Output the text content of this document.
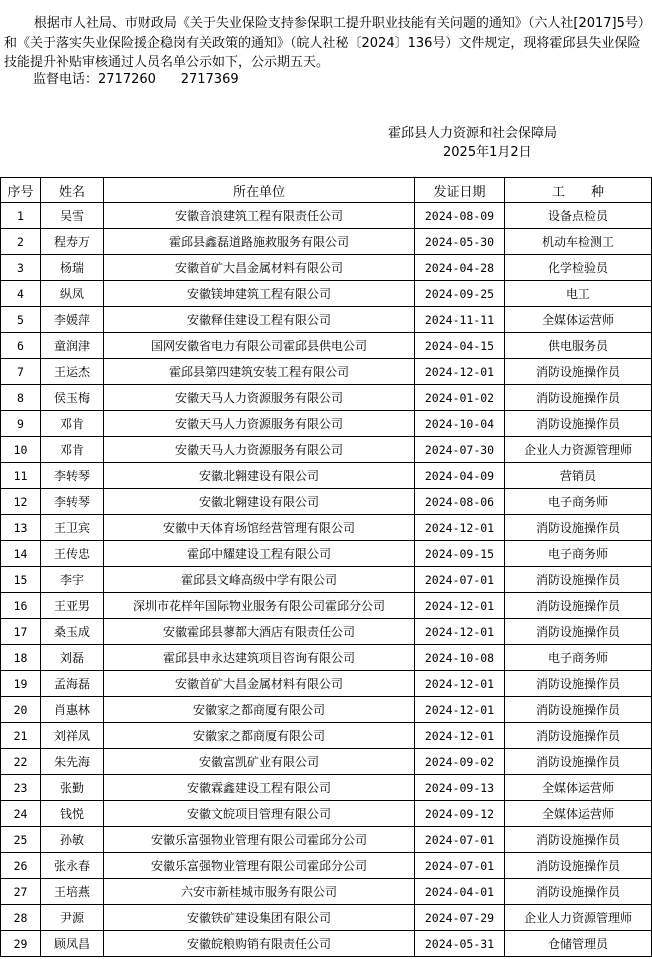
根据市人社局、市财政局《关于失业保险支持参保职工提升职业技能有关问题的通知》（六人社[2017]5号）和《关于落实失业保险援企稳岗有关政策的通知》（皖人社秘〔2024〕136号）文件规定，现将霍邱县失业保险技能提升补贴审核通过人员名单公示如下，公示期五天。

监督电话：2717260 2717369
霍邱县人力资源和社会保障局
2025年1月2日
序号	姓名	所在单位	发证日期	工　　种
1	吴雪	安徽音浪建筑工程有限责任公司	2024-08-09	设备点检员
2	程寿万	霍邱县鑫磊道路施救服务有限公司	2024-05-30	机动车检测工
3	杨瑞	安徽首矿大昌金属材料有限公司	2024-04-28	化学检验员
4	纵凤	安徽镁坤建筑工程有限公司	2024-09-25	电工
5	李媛萍	安徽释佳建设工程有限公司	2024-11-11	全媒体运营师
6	童润津	国网安徽省电力有限公司霍邱县供电公司	2024-04-15	供电服务员
7	王运杰	霍邱县第四建筑安装工程有限公司	2024-12-01	消防设施操作员
8	侯玉梅	安徽天马人力资源服务有限公司	2024-01-02	消防设施操作员
9	邓肯	安徽天马人力资源服务有限公司	2024-10-04	消防设施操作员
10	邓肯	安徽天马人力资源服务有限公司	2024-07-30	企业人力资源管理师
11	李转琴	安徽北翱建设有限公司	2024-04-09	营销员
12	李转琴	安徽北翱建设有限公司	2024-08-06	电子商务师
13	王卫宾	安徽中天体育场馆经营管理有限公司	2024-12-01	消防设施操作员
14	王传忠	霍邱中耀建设工程有限公司	2024-09-15	电子商务师
15	李宇	霍邱县文峰高级中学有限公司	2024-07-01	消防设施操作员
16	王亚男	深圳市花样年国际物业服务有限公司霍邱分公司	2024-12-01	消防设施操作员
17	桑玉成	安徽霍邱县蓼都大酒店有限责任公司	2024-12-01	消防设施操作员
18	刘磊	霍邱县申永达建筑项目咨询有限公司	2024-10-08	电子商务师
19	孟海磊	安徽首矿大昌金属材料有限公司	2024-12-01	消防设施操作员
20	肖惠林	安徽家之都商厦有限公司	2024-12-01	消防设施操作员
21	刘祥凤	安徽家之都商厦有限公司	2024-12-01	消防设施操作员
22	朱先海	安徽富凯矿业有限公司	2024-09-02	消防设施操作员
23	张勤	安徽霖鑫建设工程有限公司	2024-09-13	全媒体运营师
24	钱悦	安徽文皖项目管理有限公司	2024-09-12	全媒体运营师
25	孙敏	安徽乐富强物业管理有限公司霍邱分公司	2024-07-01	消防设施操作员
26	张永春	安徽乐富强物业管理有限公司霍邱分公司	2024-07-01	消防设施操作员
27	王培燕	六安市新桂城市服务有限公司	2024-04-01	消防设施操作员
28	尹源	安徽铁矿建设集团有限公司	2024-07-29	企业人力资源管理师
29	顾凤昌	安徽皖粮购销有限责任公司	2024-05-31	仓储管理员
